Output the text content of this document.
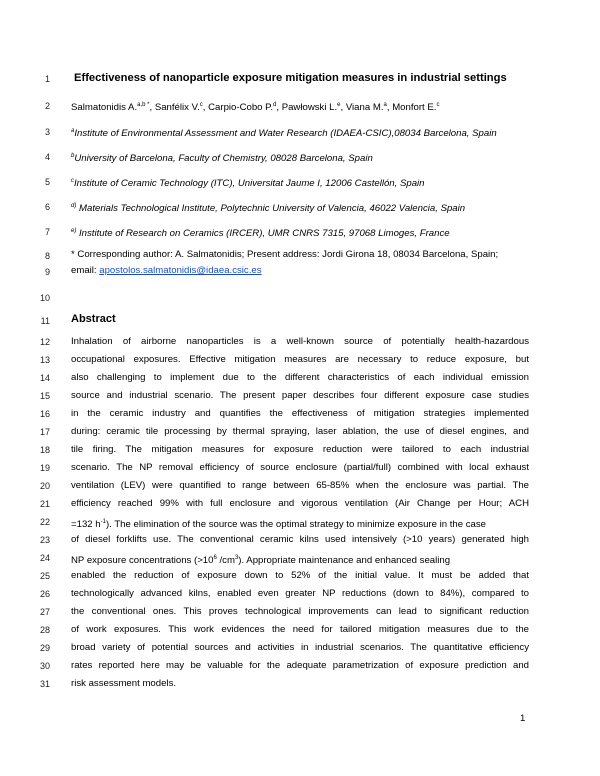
1
2
3
4
5
6
7
8
9
10
11
12
13
14
15
16
17
18
19
20
21
22
23
24
25
26
27
28
29
30
31
Effectiveness of nanoparticle exposure mitigation measures in industrial settings
Salmatonidis A.$^{a,b *}$, Sanfélix V.$^c$, Carpio-Cobo P.$^d$, Pawłowski L.$^e$, Viana M.$^a$, Monfort E.$^c$
$^a$Institute of Environmental Assessment and Water Research (IDAEA-CSIC),08034 Barcelona, Spain
$^b$University of Barcelona, Faculty of Chemistry, 08028 Barcelona, Spain
$^c$Institute of Ceramic Technology (ITC), Universitat Jaume I, 12006 Castellón, Spain
$^{d)}$ Materials Technological Institute, Polytechnic University of Valencia, 46022 Valencia, Spain
$^{e)}$ Institute of Research on Ceramics (IRCER), UMR CNRS 7315, 97068 Limoges, France
* Corresponding author: A. Salmatonidis; Present address: Jordi Girona 18, 08034 Barcelona, Spain;
email: apostolos.salmatonidis@idaea.csic.es
Abstract
Inhalation of airborne nanoparticles is a well-known source of potentially health-hazardous
occupational exposures. Effective mitigation measures are necessary to reduce exposure, but
also challenging to implement due to the different characteristics of each individual emission
source and industrial scenario. The present paper describes four different exposure case studies
in the ceramic industry and quantifies the effectiveness of mitigation strategies implemented
during: ceramic tile processing by thermal spraying, laser ablation, the use of diesel engines, and
tile firing. The mitigation measures for exposure reduction were tailored to each industrial
scenario. The NP removal efficiency of source enclosure (partial/full) combined with local exhaust
ventilation (LEV) were quantified to range between 65-85% when the enclosure was partial. The
efficiency reached 99% with full enclosure and vigorous ventilation (Air Change per Hour; ACH
=132 $h^{-1}$). The elimination of the source was the optimal strategy to minimize exposure in the case
of diesel forklifts use. The conventional ceramic kilns used intensively (>10 years) generated high
NP exposure concentrations ($>10^6$ $/cm^3$). Appropriate maintenance and enhanced sealing
enabled the reduction of exposure down to 52% of the initial value. It must be added that
technologically advanced kilns, enabled even greater NP reductions (down to 84%), compared to
the conventional ones. This proves technological improvements can lead to significant reduction
of work exposures. This work evidences the need for tailored mitigation measures due to the
broad variety of potential sources and activities in industrial scenarios. The quantitative efficiency
rates reported here may be valuable for the adequate parametrization of exposure prediction and
risk assessment models.
1
